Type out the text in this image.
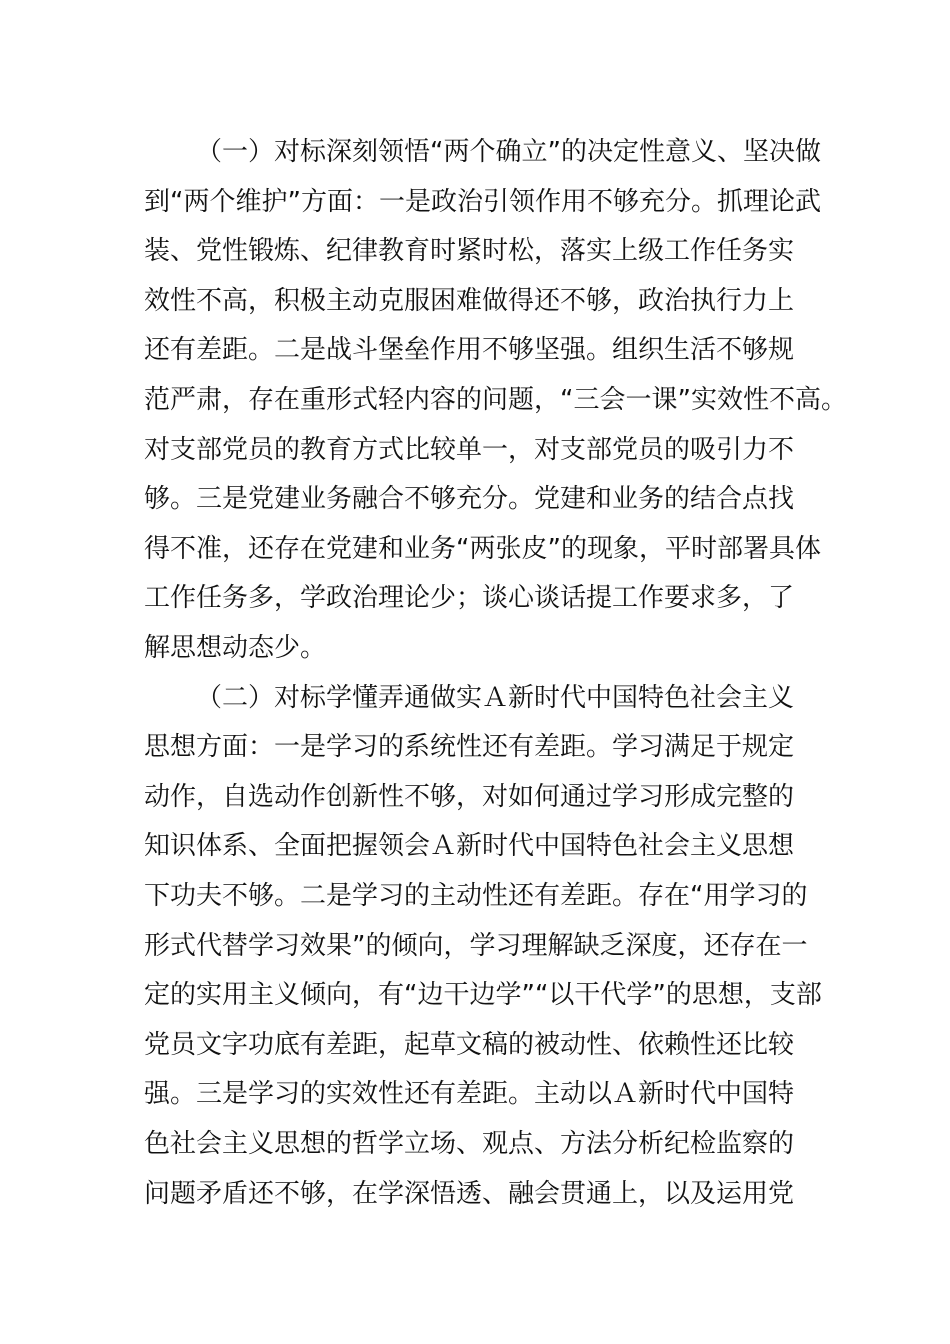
（一）对标深刻领悟“两个确立”的决定性意义、坚决做
到“两个维护”方面：一是政治引领作用不够充分。抓理论武
装、党性锻炼、纪律教育时紧时松，落实上级工作任务实
效性不高，积极主动克服困难做得还不够，政治执行力上
还有差距。二是战斗堡垒作用不够坚强。组织生活不够规
范严肃，存在重形式轻内容的问题，“三会一课”实效性不高。
对支部党员的教育方式比较单一，对支部党员的吸引力不
够。三是党建业务融合不够充分。党建和业务的结合点找
得不准，还存在党建和业务“两张皮”的现象，平时部署具体
工作任务多，学政治理论少；谈心谈话提工作要求多，了
解思想动态少。
（二）对标学懂弄通做实Ａ新时代中国特色社会主义
思想方面：一是学习的系统性还有差距。学习满足于规定
动作，自选动作创新性不够，对如何通过学习形成完整的
知识体系、全面把握领会Ａ新时代中国特色社会主义思想
下功夫不够。二是学习的主动性还有差距。存在“用学习的
形式代替学习效果”的倾向，学习理解缺乏深度，还存在一
定的实用主义倾向，有“边干边学”“以干代学”的思想，支部
党员文字功底有差距，起草文稿的被动性、依赖性还比较
强。三是学习的实效性还有差距。主动以Ａ新时代中国特
色社会主义思想的哲学立场、观点、方法分析纪检监察的
问题矛盾还不够，在学深悟透、融会贯通上，以及运用党
